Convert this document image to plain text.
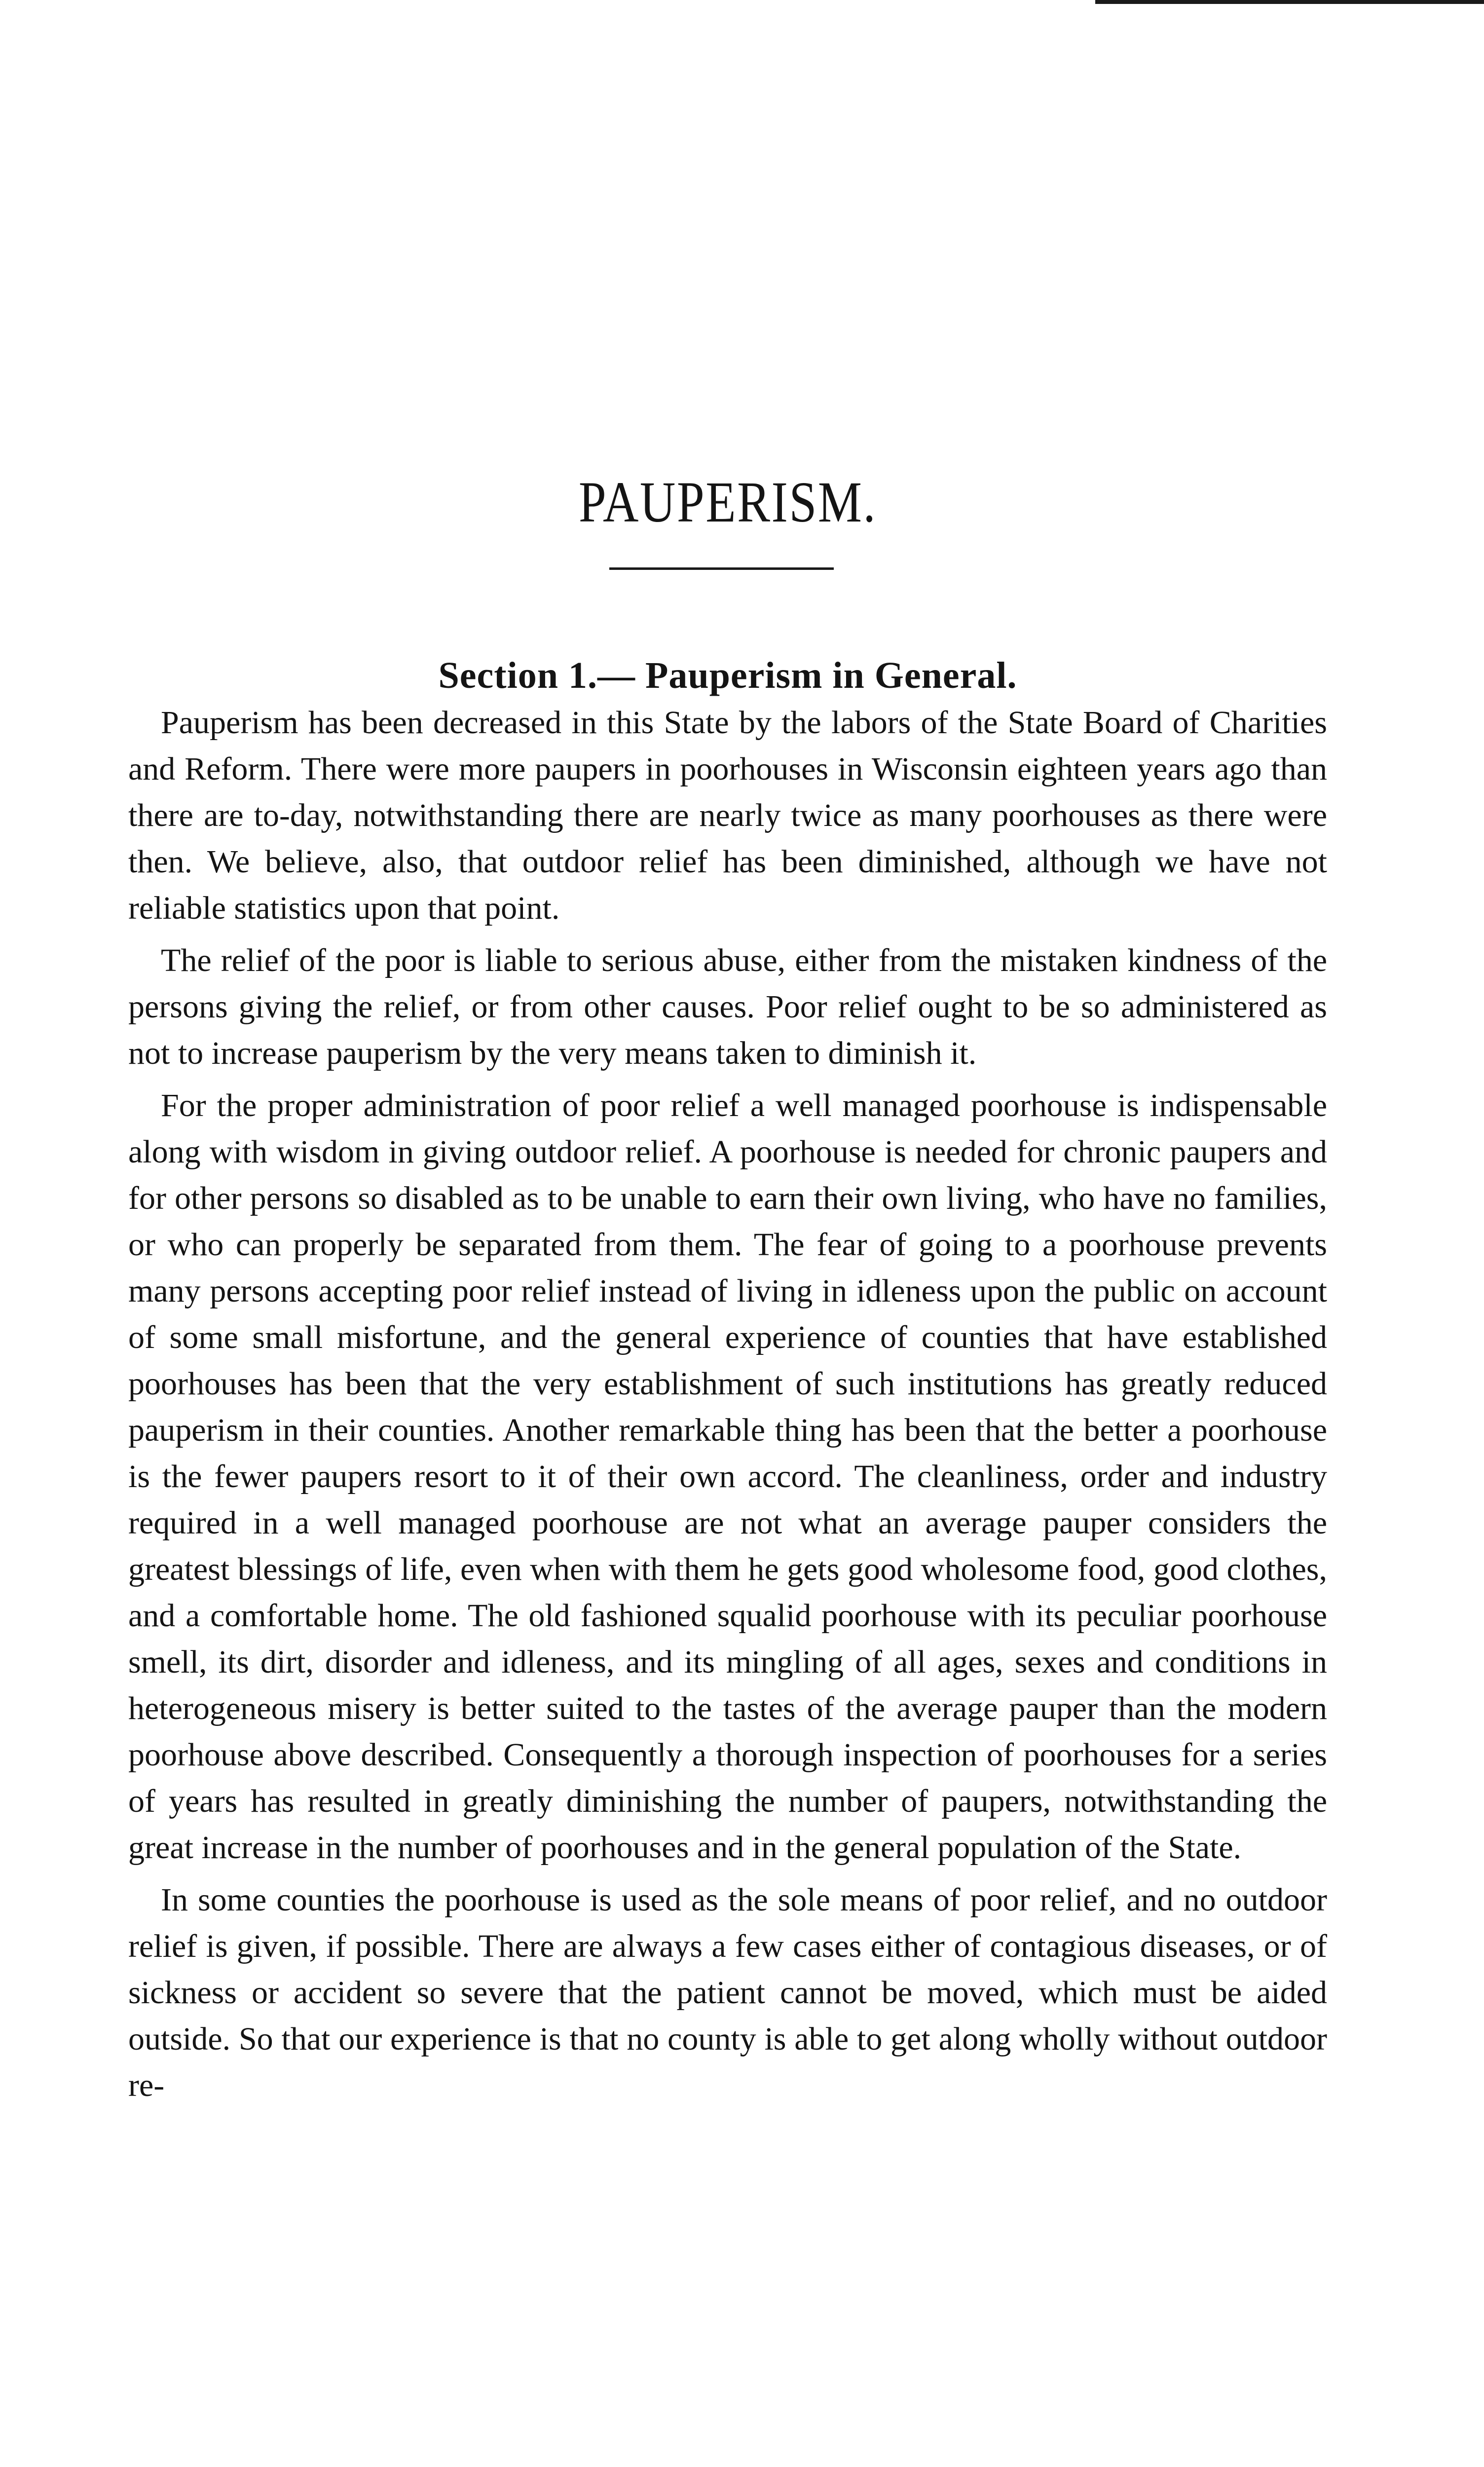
PAUPERISM.
Section 1.— Pauperism in General.

Pauperism has been decreased in this State by the labors of the State Board of Charities and Reform. There were more paupers in poorhouses in Wisconsin eighteen years ago than there are to-day, notwithstanding there are nearly twice as many poorhouses as there were then. We believe, also, that outdoor relief has been diminished, although we have not reliable statistics upon that point.

The relief of the poor is liable to serious abuse, either from the mistaken kindness of the persons giving the relief, or from other causes. Poor relief ought to be so administered as not to increase pauperism by the very means taken to diminish it.

For the proper administration of poor relief a well managed poorhouse is indispensable along with wisdom in giving outdoor relief. A poorhouse is needed for chronic paupers and for other persons so disabled as to be unable to earn their own living, who have no families, or who can properly be separated from them. The fear of going to a poorhouse prevents many persons accepting poor relief instead of living in idleness upon the public on account of some small misfortune, and the general experience of counties that have established poorhouses has been that the very establishment of such institutions has greatly reduced pauperism in their counties. Another remarkable thing has been that the better a poorhouse is the fewer paupers resort to it of their own accord. The cleanliness, order and industry required in a well managed poorhouse are not what an average pauper considers the greatest blessings of life, even when with them he gets good wholesome food, good clothes, and a comfortable home. The old fashioned squalid poorhouse with its peculiar poorhouse smell, its dirt, disorder and idleness, and its mingling of all ages, sexes and conditions in heterogeneous misery is better suited to the tastes of the average pauper than the modern poorhouse above described. Consequently a thorough inspection of poorhouses for a series of years has resulted in greatly diminishing the number of paupers, notwithstanding the great increase in the number of poorhouses and in the general population of the State.

In some counties the poorhouse is used as the sole means of poor relief, and no outdoor relief is given, if possible. There are always a few cases either of contagious diseases, or of sickness or accident so severe that the patient cannot be moved, which must be aided outside. So that our experience is that no county is able to get along wholly without outdoor re-
